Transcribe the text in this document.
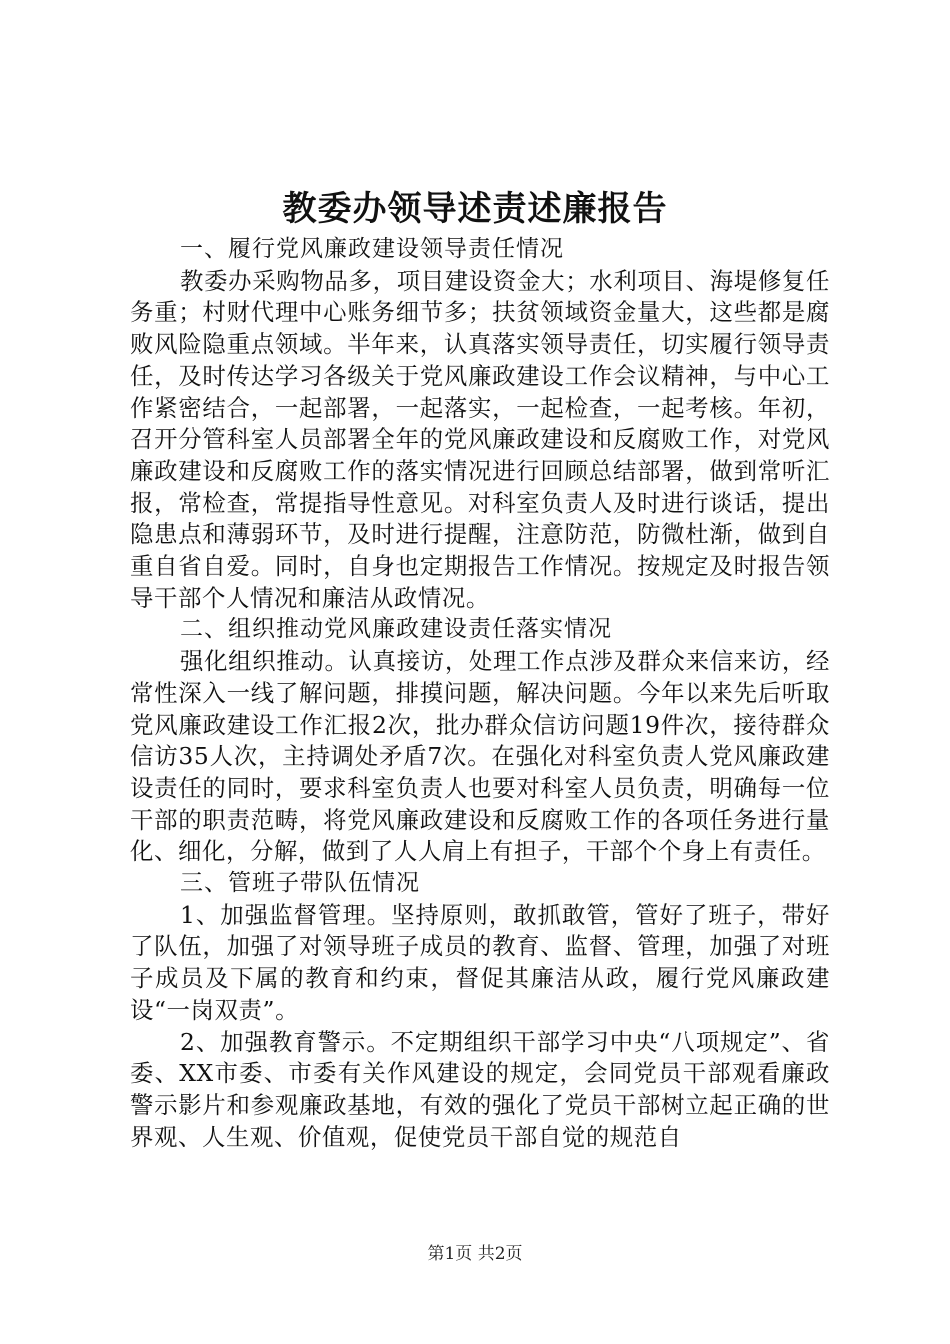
教委办领导述责述廉报告

一、履行党风廉政建设领导责任情况

教委办采购物品多，项目建设资金大；水利项目、海堤修复任务重；村财代理中心账务细节多；扶贫领域资金量大，这些都是腐败风险隐重点领域。半年来，认真落实领导责任，切实履行领导责任，及时传达学习各级关于党风廉政建设工作会议精神，与中心工作紧密结合，一起部署，一起落实，一起检查，一起考核。年初，召开分管科室人员部署全年的党风廉政建设和反腐败工作，对党风廉政建设和反腐败工作的落实情况进行回顾总结部署，做到常听汇报，常检查，常提指导性意见。对科室负责人及时进行谈话，提出隐患点和薄弱环节，及时进行提醒，注意防范，防微杜渐，做到自重自省自爱。同时，自身也定期报告工作情况。按规定及时报告领导干部个人情况和廉洁从政情况。

二、组织推动党风廉政建设责任落实情况

强化组织推动。认真接访，处理工作点涉及群众来信来访，经常性深入一线了解问题，排摸问题，解决问题。今年以来先后听取党风廉政建设工作汇报2次，批办群众信访问题19件次，接待群众信访35人次，主持调处矛盾7次。在强化对科室负责人党风廉政建设责任的同时，要求科室负责人也要对科室人员负责，明确每一位干部的职责范畴，将党风廉政建设和反腐败工作的各项任务进行量化、细化，分解，做到了人人肩上有担子，干部个个身上有责任。

三、管班子带队伍情况

1、加强监督管理。坚持原则，敢抓敢管，管好了班子，带好了队伍，加强了对领导班子成员的教育、监督、管理，加强了对班子成员及下属的教育和约束，督促其廉洁从政，履行党风廉政建设“一岗双责”。

2、加强教育警示。不定期组织干部学习中央“八项规定”、省委、XX市委、市委有关作风建设的规定，会同党员干部观看廉政警示影片和参观廉政基地，有效的强化了党员干部树立起正确的世界观、人生观、价值观，促使党员干部自觉的规范自

第1页 共2页
